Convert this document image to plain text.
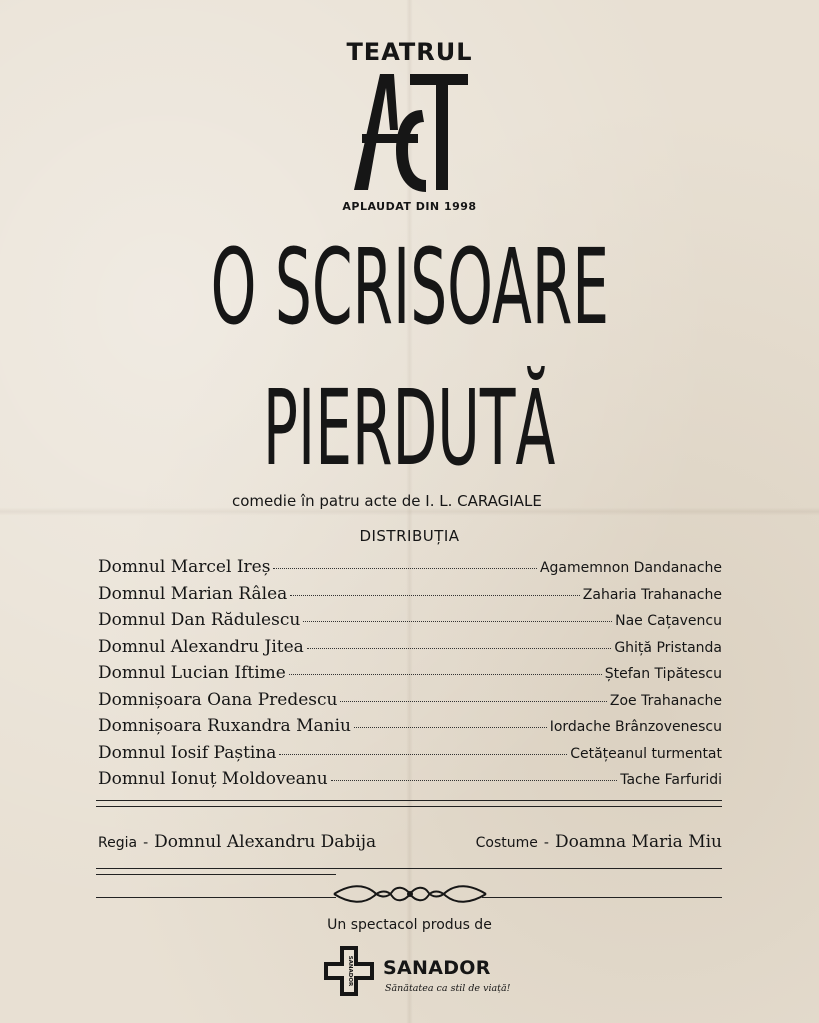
TEATRUL
APLAUDAT DIN 1998
O SCRISOARE
PIERDUTĂ
comedie în patru acte de I. L. CARAGIALE
DISTRIBUȚIA
Domnul Marcel Ireș	Agamemnon Dandanache
Domnul Marian Râlea	Zaharia Trahanache
Domnul Dan Rădulescu	Nae Cațavencu
Domnul Alexandru Jitea	Ghiță Pristanda
Domnul Lucian Iftime	Ștefan Tipătescu
Domnișoara Oana Predescu	Zoe Trahanache
Domnișoara Ruxandra Maniu	Iordache Brânzovenescu
Domnul Iosif Paștina	Cetățeanul turmentat
Domnul Ionuț Moldoveanu	Tache Farfuridi
Regia - Domnul Alexandru Dabija	Costume - Doamna Maria Miu
Un spectacol produs de
SANADOR SANADOR
Sănătatea ca stil de viață!
